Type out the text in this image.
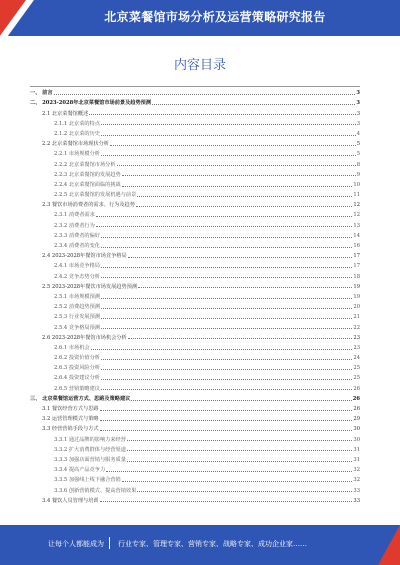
北京菜餐馆市场分析及运营策略研究报告
内容目录
一、 前言	3
二、 2023-2028年北京菜餐馆市场前景及趋势预测	3
2.1 北京菜餐馆概述	3
2.1.1 北京菜的特点	3
2.1.2 北京菜的历史	4
2.2 北京菜餐馆市场现状分析	5
2.2.1 市场规模分析	5
2.2.2 北京菜餐馆市场分析	8
2.2.3 北京菜餐馆的发展趋势	9
2.2.4 北京菜餐馆面临的挑战	10
2.2.5 北京菜餐馆的发展机遇与前景	11
2.3 餐饮市场消费者的需求、行为及趋势	12
2.3.1 消费者需求	12
2.3.2 消费者行为	13
2.3.3 消费者的偏好	14
2.3.4 消费者的变化	16
2.4 2023-2028年餐馆市场竞争格局	17
2.4.1 市场竞争格局	17
2.4.2 竞争态势分析	18
2.5 2023-2028年餐饮市场发展趋势预测	19
2.5.1 市场规模预测	19
2.5.2 消费趋势预测	20
2.5.3 行业发展预测	21
2.5.4 竞争格局预测	22
2.6 2023-2028年餐馆市场机会分析	23
2.6.1 市场机会	23
2.6.2 投资价值分析	24
2.6.3 投资风险分析	25
2.6.4 投资建议分析	25
2.6.5 营销策略建议	26
三、 北京菜餐馆运营方式、思路及策略建议	26
3.1 餐饮经营方式与思路	26
3.2 运营管理模式与策略	29
3.3 经营营销手段与方式	30
3.3.1 通过品牌的影响力来经营	30
3.3.2 扩大消费群体与经营渠道	31
3.3.3 加强店面营销与服务质量	31
3.3.4 提高产品竞争力	32
3.3.5 加强线上线下融合营销	32
3.3.6 创新营销模式、提高营销效果	33
3.4 餐饮人员管理与培训	33
让每个人都能成为 行业专家、管理专家、营销专家、战略专家、成功企业家……
